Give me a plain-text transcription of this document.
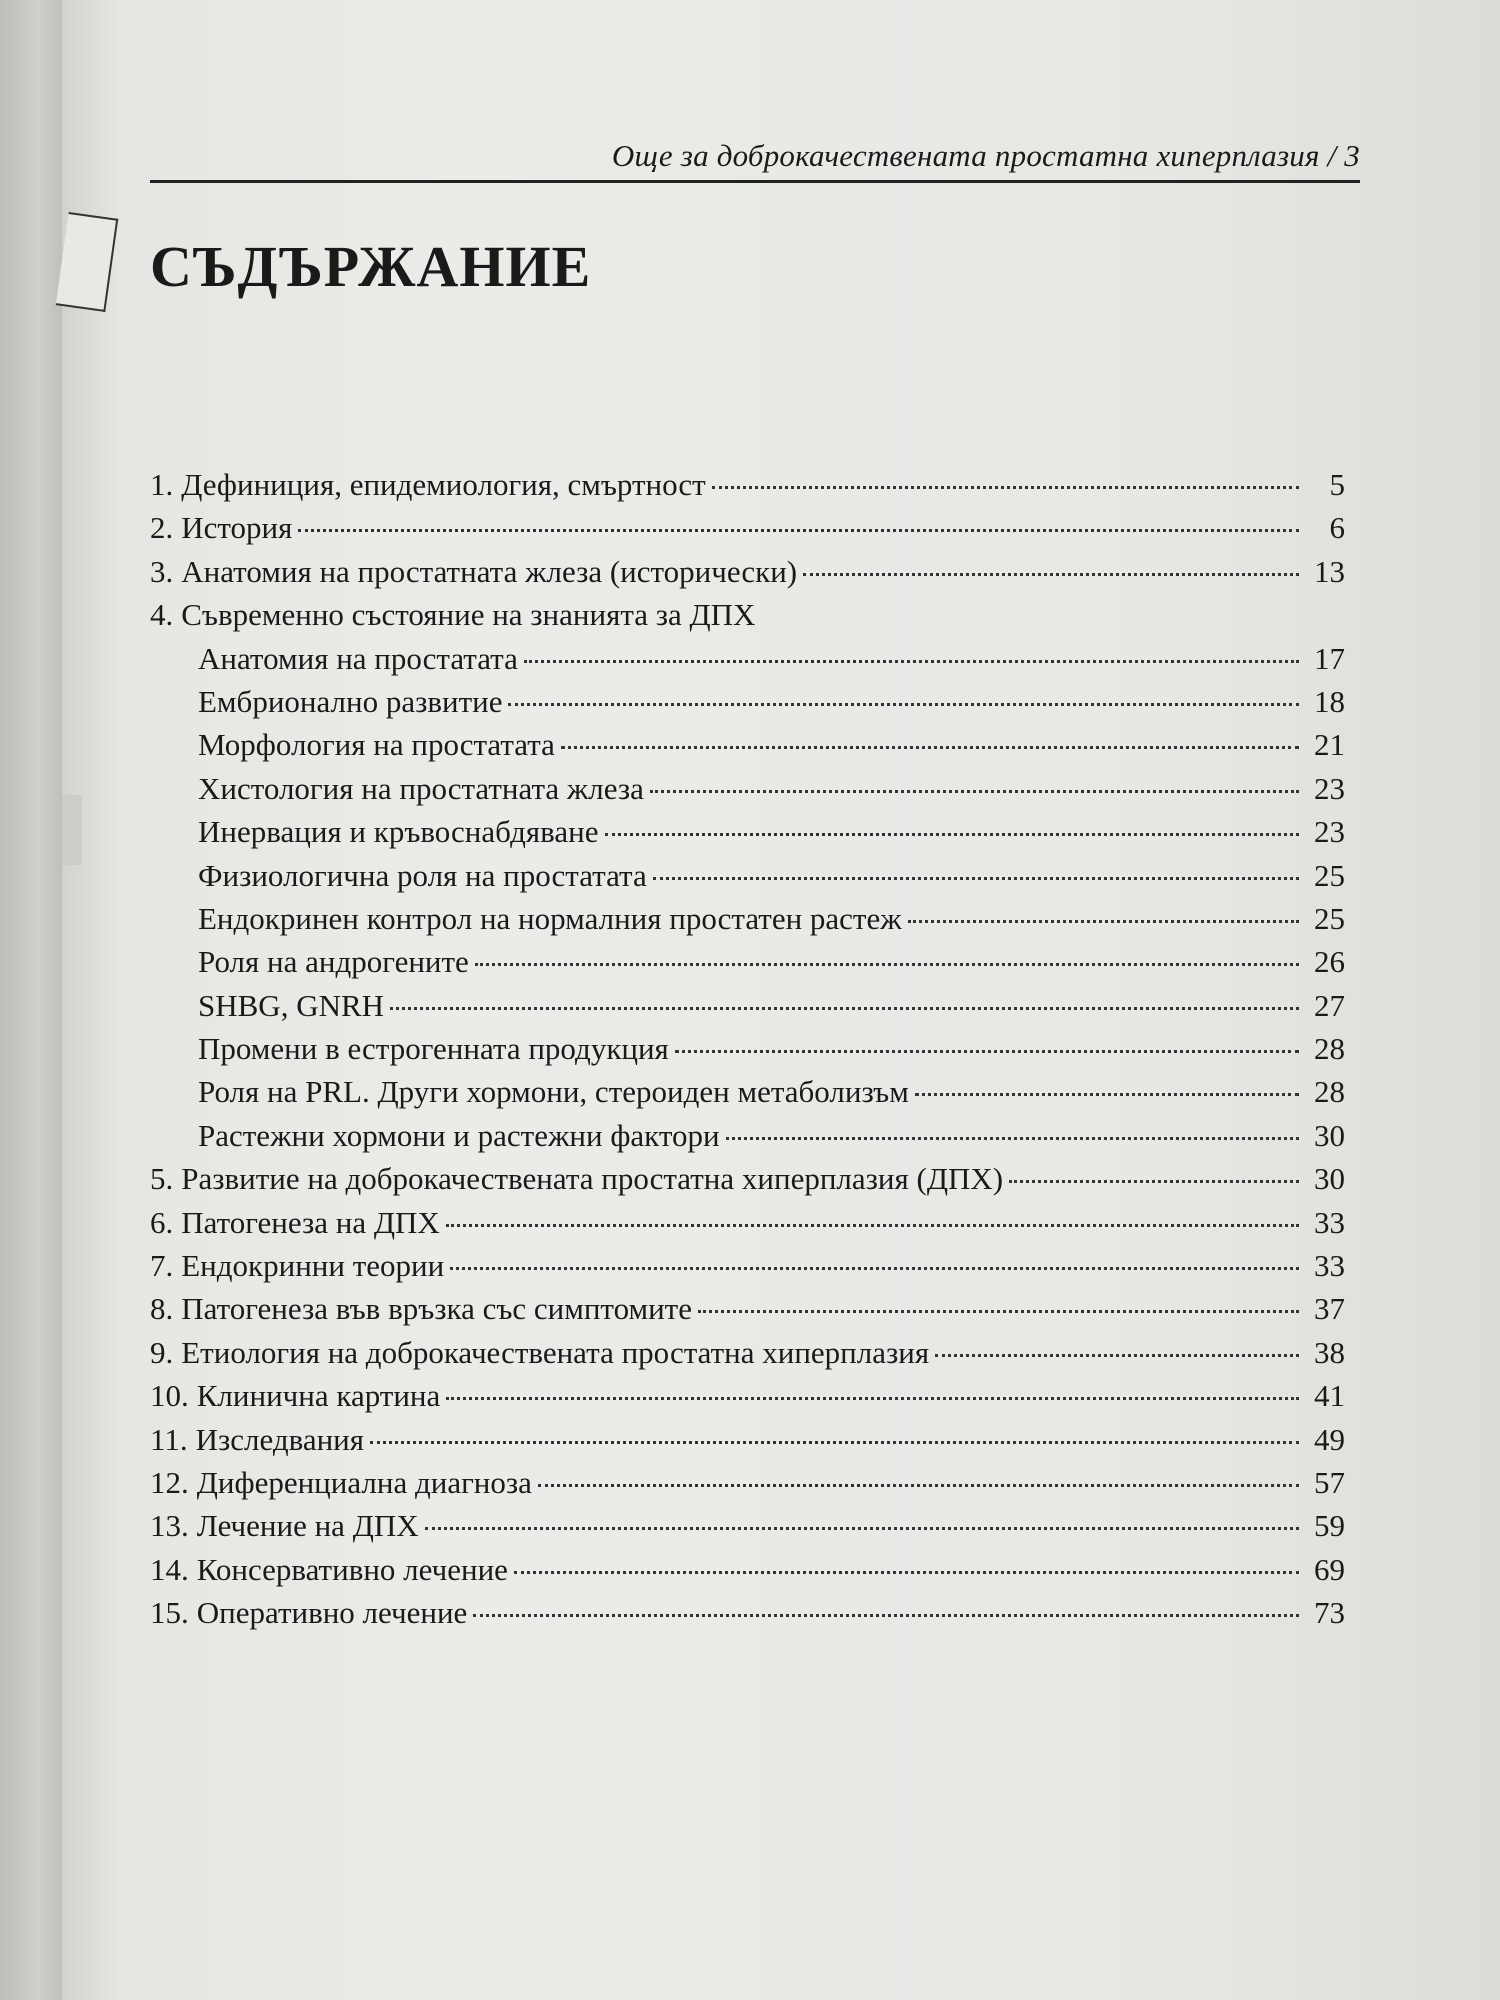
Още за доброкачествената простатна хиперплазия / 3
СЪДЪРЖАНИЕ
1. Дефиниция, епидемиология, смъртност	5
2. История	6
3. Анатомия на простатната жлеза (исторически)	13
4. Съвременно състояние на знанията за ДПХ
Анатомия на простатата	17
Ембрионално развитие	18
Морфология на простатата	21
Хистология на простатната жлеза	23
Инервация и кръвоснабдяване	23
Физиологична роля на простатата	25
Ендокринен контрол на нормалния простатен растеж	25
Роля на андрогените	26
SHBG, GNRH	27
Промени в естрогенната продукция	28
Роля на PRL. Други хормони, стероиден метаболизъм	28
Растежни хормони и растежни фактори	30
5. Развитие на доброкачествената простатна хиперплазия (ДПХ)	30
6. Патогенеза на ДПХ	33
7. Ендокринни теории	33
8. Патогенеза във връзка със симптомите	37
9. Етиология на доброкачествената простатна хиперплазия	38
10. Клинична картина	41
11. Изследвания	49
12. Диференциална диагноза	57
13. Лечение на ДПХ	59
14. Консервативно лечение	69
15. Оперативно лечение	73
